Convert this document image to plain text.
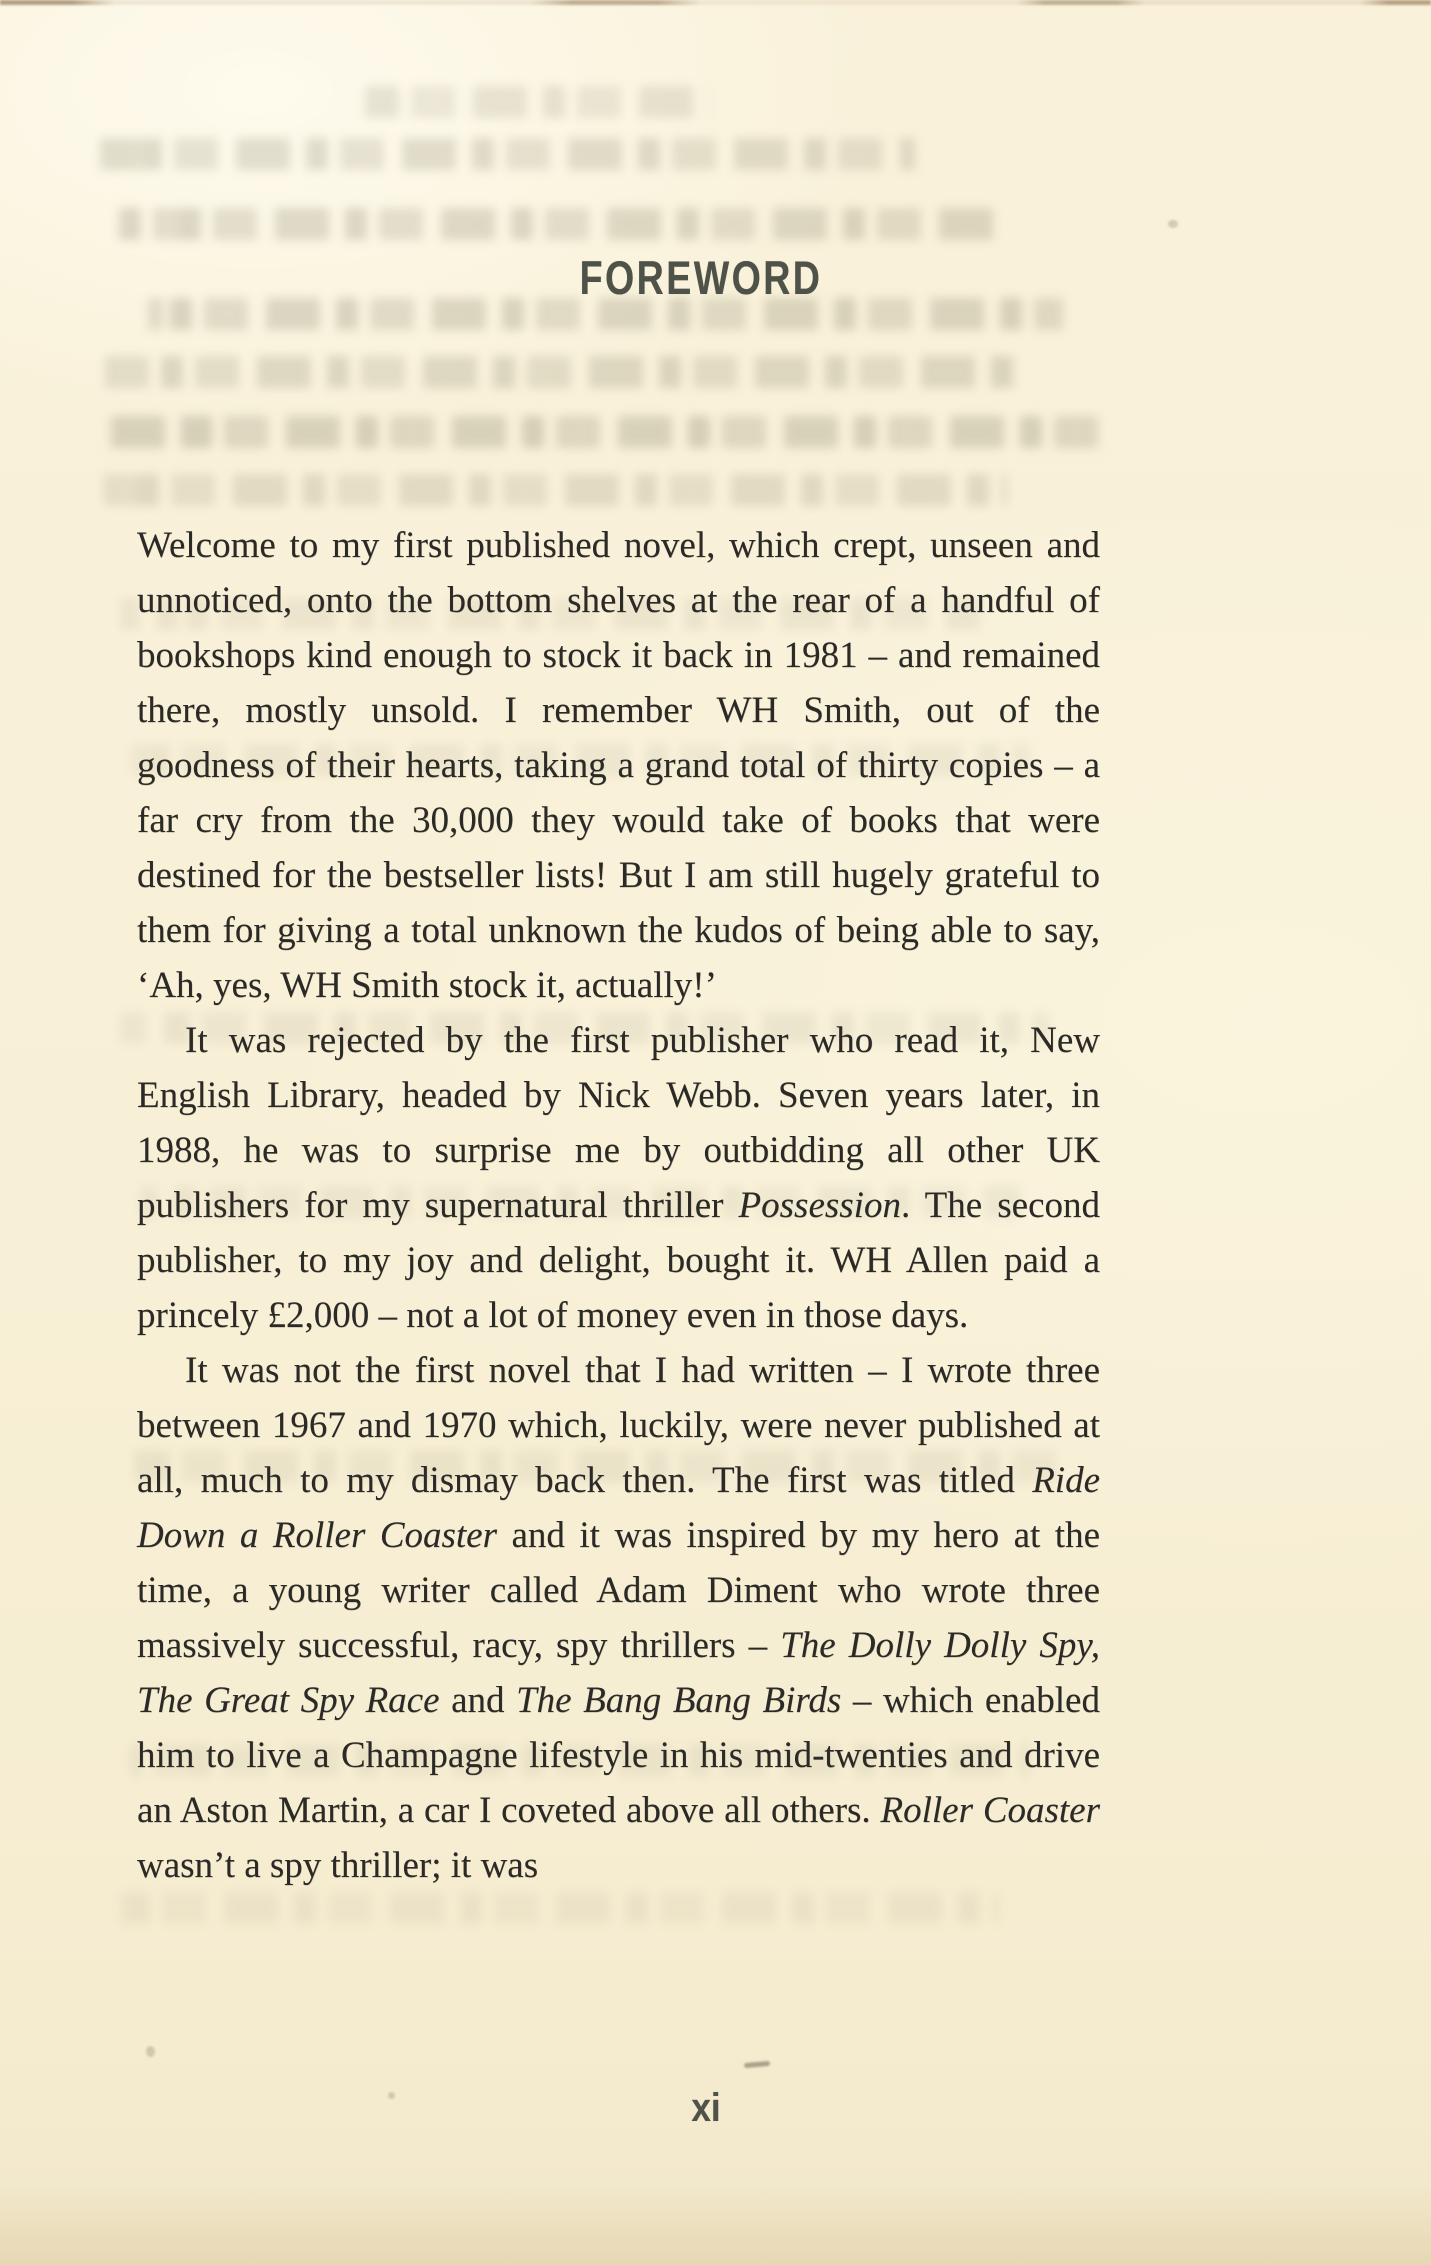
FOREWORD

Welcome to my first published novel, which crept, unseen and unnoticed, onto the bottom shelves at the rear of a handful of bookshops kind enough to stock it back in 1981 – and remained there, mostly unsold. I remember WH Smith, out of the goodness of their hearts, taking a grand total of thirty copies – a far cry from the 30,000 they would take of books that were destined for the bestseller lists! But I am still hugely grateful to them for giving a total unknown the kudos of being able to say, ‘Ah, yes, WH Smith stock it, actually!’

It was rejected by the first publisher who read it, New English Library, headed by Nick Webb. Seven years later, in 1988, he was to surprise me by outbidding all other UK publishers for my supernatural thriller Possession. The second publisher, to my joy and delight, bought it. WH Allen paid a princely £2,000 – not a lot of money even in those days.

It was not the first novel that I had written – I wrote three between 1967 and 1970 which, luckily, were never published at all, much to my dismay back then. The first was titled Ride Down a Roller Coaster and it was inspired by my hero at the time, a young writer called Adam Diment who wrote three massively successful, racy, spy thrillers – The Dolly Dolly Spy, The Great Spy Race and The Bang Bang Birds – which enabled him to live a Champagne lifestyle in his mid-twenties and drive an Aston Martin, a car I coveted above all others. Roller Coaster wasn’t a spy thriller; it was

xi
